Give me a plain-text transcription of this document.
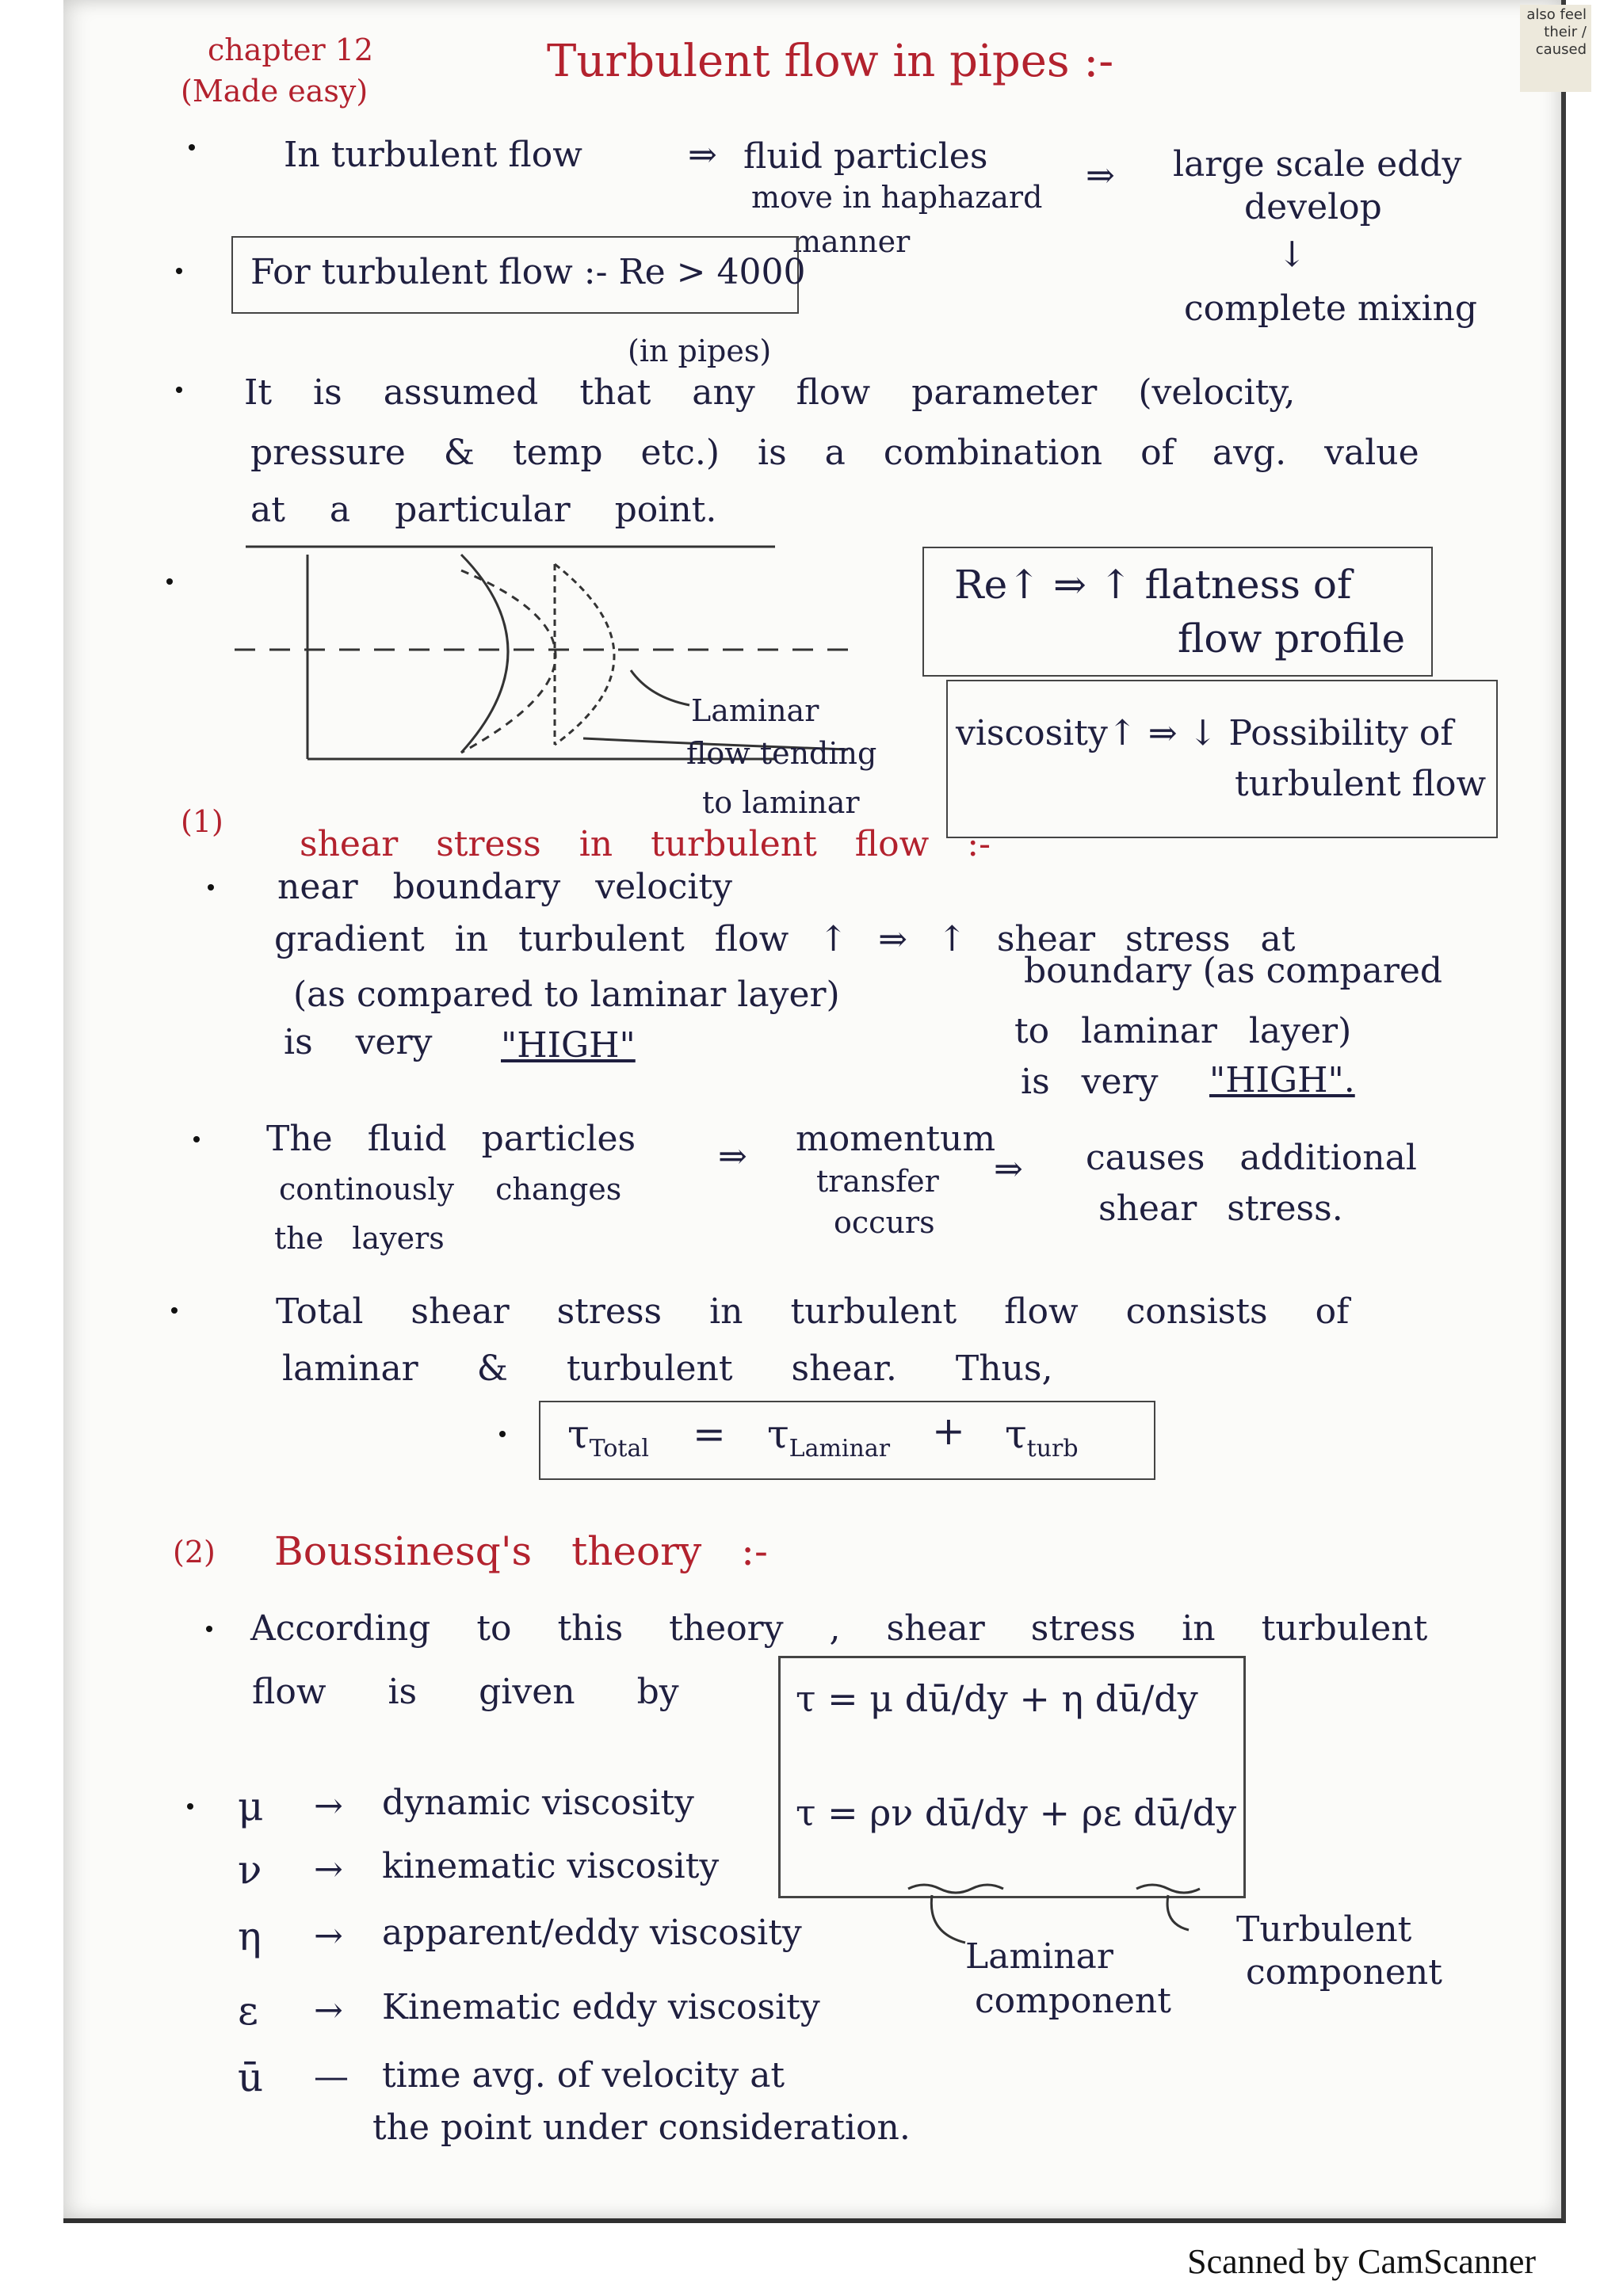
also feel their / caused
chapter 12
(Made easy)
Turbulent flow in pipes :-
In turbulent flow	⇒ fluid particles
move in haphazard
manner
⇒ large scale eddy
develop
↓
complete mixing
For turbulent flow :- Re > 4000
(in pipes)
It is assumed that any flow parameter (velocity,
pressure & temp etc.) is a combination of avg. value
at a particular point.
Laminar
flow tending
to laminar
Re↑ ⇒ ↑ flatness of
flow profile
viscosity↑ ⇒ ↓ Possibility of
turbulent flow
(1)
shear stress in turbulent flow :-
near boundary velocity
gradient in turbulent flow ↑ ⇒ ↑ shear stress at
(as compared to laminar layer)
is very "HIGH"
boundary (as compared
to laminar layer)
is very "HIGH".
The fluid particles
continously changes
the layers
⇒ momentum
transfer
occurs
⇒ causes additional
shear stress.
Total shear stress in turbulent flow consists of
laminar & turbulent shear. Thus,
$\tau_{Total} = \tau_{Laminar} + \tau_{turb}$
(2) Boussinesq's theory :-
According to this theory , shear stress in turbulent
flow is given by	τ = μ dū/dy + η dū/dy
τ = ρν dū/dy + ρε dū/dy
Laminar
component
Turbulent
component
μ → dynamic viscosity
ν → kinematic viscosity
η → apparent/eddy viscosity
ε → Kinematic eddy viscosity
ū — time avg. of velocity at
the point under consideration.
Scanned by CamScanner
